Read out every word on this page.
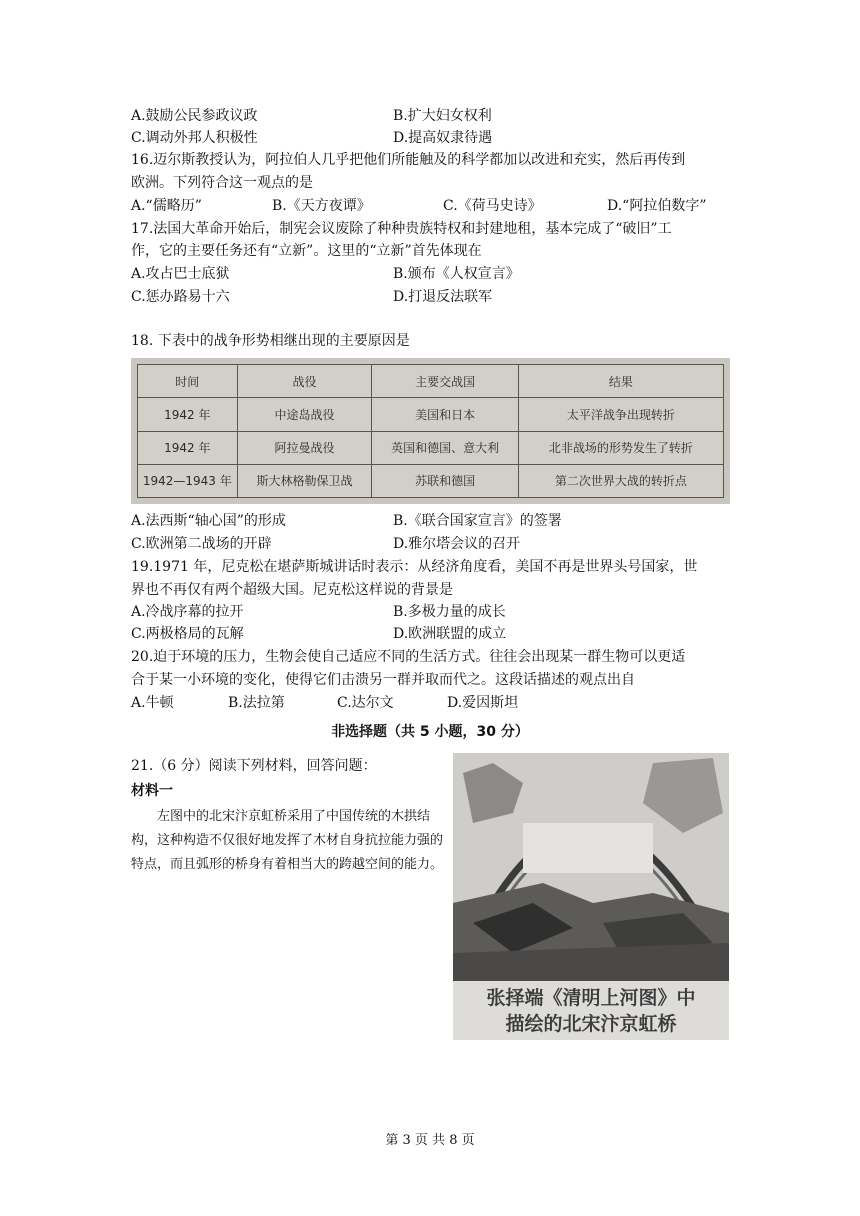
A.鼓励公民参政议政	B.扩大妇女权利
C.调动外邦人积极性	D.提高奴隶待遇
16.迈尔斯教授认为，阿拉伯人几乎把他们所能触及的科学都加以改进和充实，然后再传到
欧洲。下列符合这一观点的是
A.“儒略历”	B.《天方夜谭》	C.《荷马史诗》	D.“阿拉伯数字”
17.法国大革命开始后，制宪会议废除了种种贵族特权和封建地租，基本完成了“破旧”工
作，它的主要任务还有“立新”。这里的“立新”首先体现在
A.攻占巴士底狱	B.颁布《人权宣言》
C.惩办路易十六	D.打退反法联军
18. 下表中的战争形势相继出现的主要原因是
时间	战役	主要交战国	结果
1942 年	中途岛战役	美国和日本	太平洋战争出现转折
1942 年	阿拉曼战役	英国和德国、意大利	北非战场的形势发生了转折
1942—1943 年	斯大林格勒保卫战	苏联和德国	第二次世界大战的转折点
A.法西斯“轴心国”的形成	B.《联合国家宣言》的签署
C.欧洲第二战场的开辟	D.雅尔塔会议的召开
19.1971 年，尼克松在堪萨斯城讲话时表示：从经济角度看，美国不再是世界头号国家，世
界也不再仅有两个超级大国。尼克松这样说的背景是
A.冷战序幕的拉开	B.多极力量的成长
C.两极格局的瓦解	D.欧洲联盟的成立
20.迫于环境的压力，生物会使自己适应不同的生活方式。往往会出现某一群生物可以更适
合于某一小环境的变化，使得它们击溃另一群并取而代之。这段话描述的观点出自
A.牛顿	B.法拉第	C.达尔文	D.爱因斯坦
非选择题（共 5 小题，30 分）
21.（6 分）阅读下列材料，回答问题：
材料一
左图中的北宋汴京虹桥采用了中国传统的木拱结构，这种构造不仅很好地发挥了木材自身抗拉能力强的特点，而且弧形的桥身有着相当大的跨越空间的能力。
张择端《清明上河图》中
描绘的北宋汴京虹桥
第 3 页 共 8 页
